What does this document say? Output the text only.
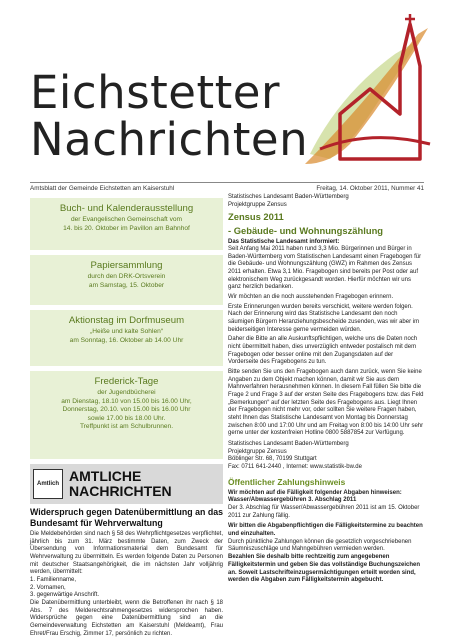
Eichstetter
Nachrichten
Amtsblatt der Gemeinde Eichstetten am Kaiserstuhl	Freitag, 14. Oktober 2011, Nummer 41
Buch- und Kalenderausstellung
der Evangelischen Gemeinschaft vom
14. bis 20. Oktober im Pavillon am Bahnhof
Papiersammlung
durch den DRK-Ortsverein
am Samstag, 15. Oktober
Aktionstag im Dorfmuseum
„Heiße und kalte Sohlen“
am Sonntag, 16. Oktober ab 14.00 Uhr
Frederick-Tage
der Jugendbücherei
am Dienstag, 18.10 von 15.00 bis 16.00 Uhr,
Donnerstag, 20.10. von 15.00 bis 16.00 Uhr
sowie 17.00 bis 18.00 Uhr.
Treffpunkt ist am Schulbrunnen.
Amtlich
AMTLICHE
NACHRICHTEN
Widerspruch gegen Datenübermittlung an das Bundesamt für Wehrverwaltung

Die Meldebehörden sind nach § 58 des Wehrpflichtgesetzes verpflichtet, jährlich bis zum 31. März bestimmte Daten, zum Zweck der Übersendung von Informationsmaterial dem Bundesamt für Wehrverwaltung zu übermitteln. Es werden folgende Daten zu Personen mit deutscher Staatsangehörigkeit, die im nächsten Jahr volljährig werden, übermittelt:

1. Familienname,
2. Vornamen,
3. gegenwärtige Anschrift.

Die Datenübermittlung unterbleibt, wenn die Betroffenen ihr nach § 18 Abs. 7 des Melderechtsrahmengesetzes widersprochen haben. Widersprüche gegen eine Datenübermittlung sind an die Gemeindeverwaltung Eichstetten am Kaiserstuhl (Meldeamt), Frau Ehret/Frau Erschig, Zimmer 17, persönlich zu richten.

Statistisches Landesamt Baden-Württemberg
Projektgruppe Zensus
Zensus 2011
- Gebäude- und Wohnungszählung
Das Statistische Landesamt informiert:

Seit Anfang Mai 2011 haben rund 3,3 Mio. Bürgerinnen und Bürger in Baden-Württemberg vom Statistischen Landesamt einen Fragebogen für die Gebäude- und Wohnungszählung (GWZ) im Rahmen des Zensus 2011 erhalten. Etwa 3,1 Mio. Fragebogen sind bereits per Post oder auf elektronischem Weg zurückgesandt worden. Hierfür möchten wir uns ganz herzlich bedanken.

Wir möchten an die noch ausstehenden Fragebogen erinnern.

Erste Erinnerungen wurden bereits verschickt, weitere werden folgen. Nach der Erinnerung wird das Statistische Landesamt den noch säumigen Bürgern Heranziehungsbescheide zusenden, was wir aber im beiderseitigen Interesse gerne vermeiden würden.

Daher die Bitte an alle Auskunftspflichtigen, welche uns die Daten noch nicht übermittelt haben, dies unverzüglich entweder postalisch mit dem Fragebogen oder besser online mit den Zugangsdaten auf der Vorderseite des Fragebogens zu tun.

Bitte senden Sie uns den Fragebogen auch dann zurück, wenn Sie keine Angaben zu dem Objekt machen können, damit wir Sie aus dem Mahnverfahren herausnehmen können. In diesem Fall füllen Sie bitte die Frage 2 und Frage 3 auf der ersten Seite des Fragebogens bzw. das Feld „Bemerkungen“ auf der letzten Seite des Fragebogens aus. Liegt Ihnen der Fragebogen nicht mehr vor, oder sollten Sie weitere Fragen haben, steht Ihnen das Statistische Landesamt von Montag bis Donnerstag zwischen 8:00 und 17:00 Uhr und am Freitag von 8:00 bis 14:00 Uhr sehr gerne unter der kostenfreien Hotline 0800 5887854 zur Verfügung.

Statistisches Landesamt Baden-Württemberg
Projektgruppe Zensus
Böblinger Str. 68, 70199 Stuttgart
Fax: 0711 641-2440 , Internet: www.statistik-bw.de
Öffentlicher Zahlungshinweis
Wir möchten auf die Fälligkeit folgender Abgaben hinweisen:
Wasser/Abwassergebühren 3. Abschlag 2011

Der 3. Abschlag für Wasser/Abwassergebühren 2011 ist am 15. Oktober 2011 zur Zahlung fällig.

Wir bitten die Abgabenpflichtigen die Fälligkeitstermine zu beachten und einzuhalten.

Durch pünktliche Zahlungen können die gesetzlich vorgeschriebenen Säumniszuschläge und Mahngebühren vermieden werden.

Bezahlen Sie deshalb bitte rechtzeitig zum angegebenen Fälligkeitstermin und geben Sie das vollständige Buchungszeichen an. Soweit Lastschrifteinzugsermächtigungen erteilt worden sind, werden die Abgaben zum Fälligkeitstermin abgebucht.
